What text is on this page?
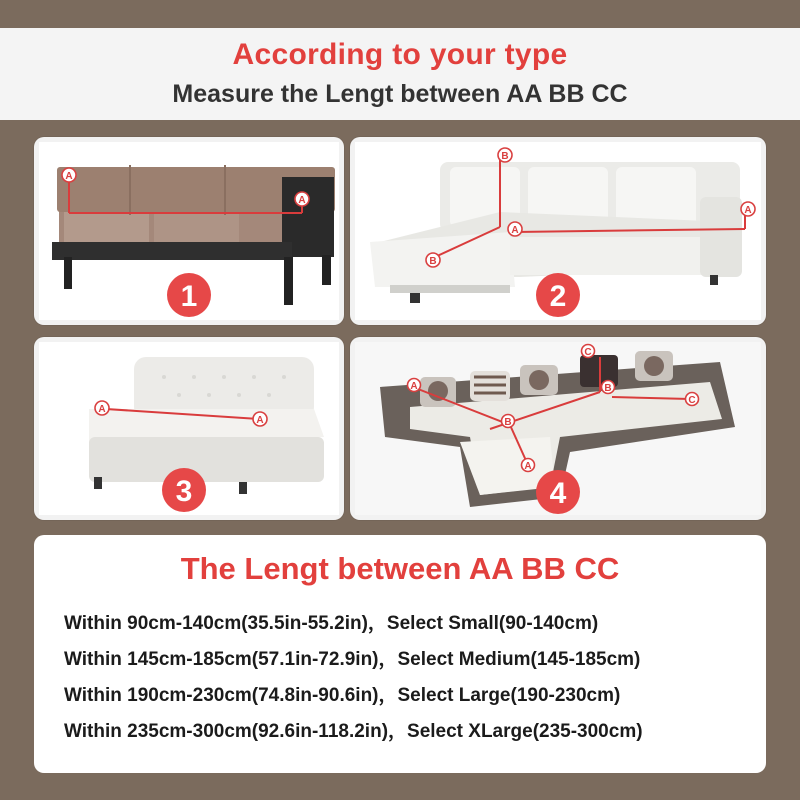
According to your type
Measure the Lengt between AA BB CC
A
A
1
B
B
A
A
2
A
A
3
A
A
B
B
C
C
4
The Lengt between AA BB CC
Within 90cm-140cm(35.5in-55.2in)，Select Small(90-140cm)
Within 145cm-185cm(57.1in-72.9in)，Select Medium(145-185cm)
Within 190cm-230cm(74.8in-90.6in)，Select Large(190-230cm)
Within 235cm-300cm(92.6in-118.2in)，Select XLarge(235-300cm)
